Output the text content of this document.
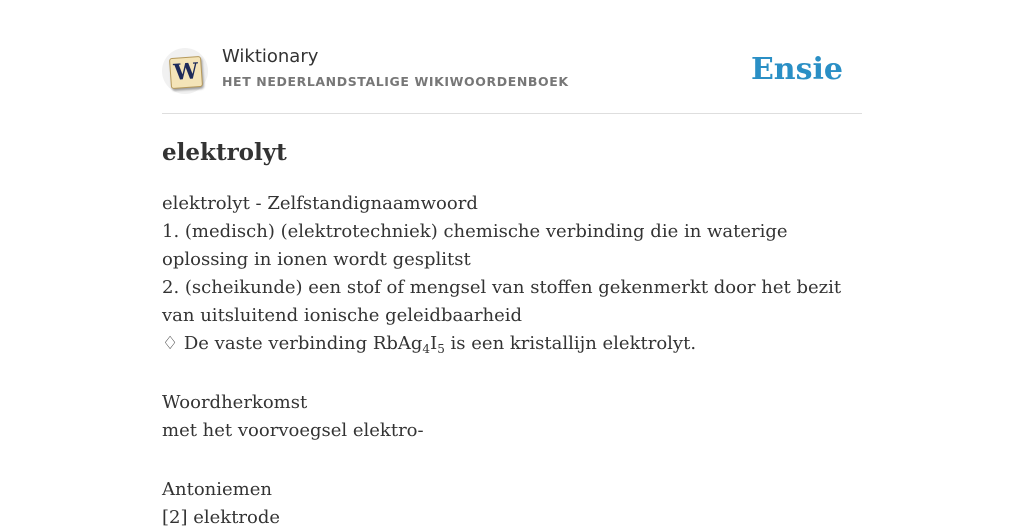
W
Wiktionary
HET NEDERLANDSTALIGE WIKIWOORDENBOEK	Ensie
elektrolyt
elektrolyt - Zelfstandignaamwoord
1. (medisch) (elektrotechniek) chemische verbinding die in waterige oplossing in ionen wordt gesplitst
2. (scheikunde) een stof of mengsel van stoffen gekenmerkt door het bezit van uitsluitend ionische geleidbaarheid
♢ De vaste verbinding $RbAg_4I_5$ is een kristallijn elektrolyt.
Woordherkomst
met het voorvoegsel elektro-
Antoniemen
[2] elektrode
